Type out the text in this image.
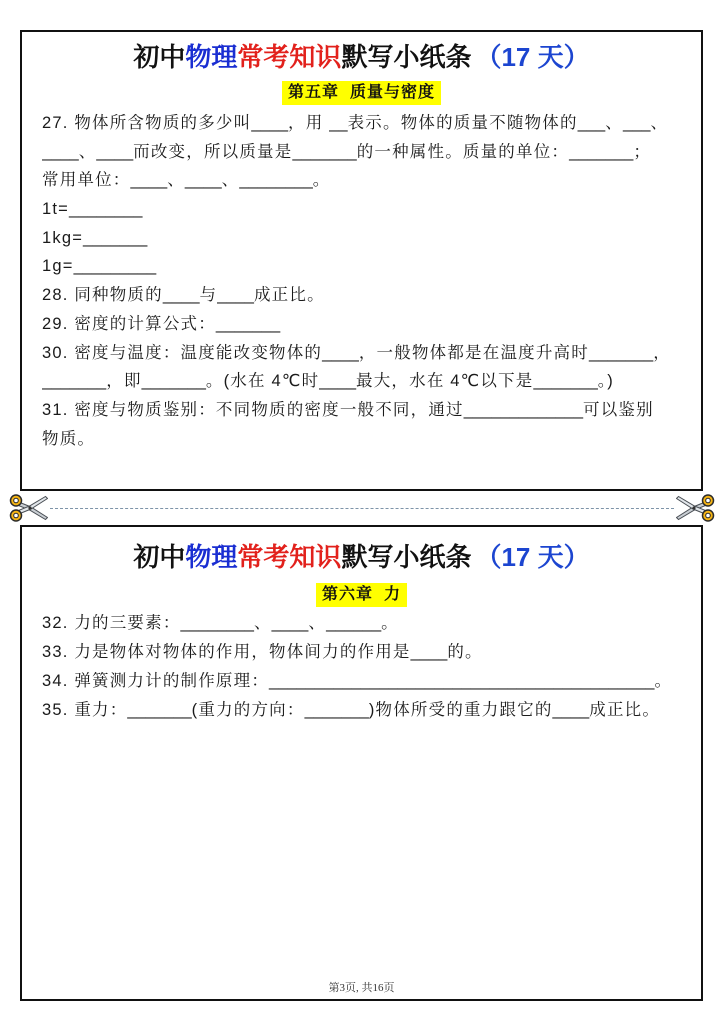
初中物理常考知识默写小纸条 （17 天）
第五章  质量与密度
27. 物体所含物质的多少叫____，用 __表示。物体的质量不随物体的___、___、
____、____而改变，所以质量是_______的一种属性。质量的单位：_______；
常用单位：____、____、________。
1t=________
1kg=_______
1g=_________
28. 同种物质的____与____成正比。
29. 密度的计算公式：_______
30. 密度与温度：温度能改变物体的____，一般物体都是在温度升高时_______，
_______，即_______。(水在 4℃时____最大，水在 4℃以下是_______。)
31. 密度与物质鉴别：不同物质的密度一般不同，通过_____________可以鉴别
物质。
初中物理常考知识默写小纸条 （17 天）
第六章  力
32. 力的三要素：________、____、______。
33. 力是物体对物体的作用，物体间力的作用是____的。
34. 弹簧测力计的制作原理：__________________________________________。
35. 重力：_______(重力的方向：_______)物体所受的重力跟它的____成正比。
第3页, 共16页
